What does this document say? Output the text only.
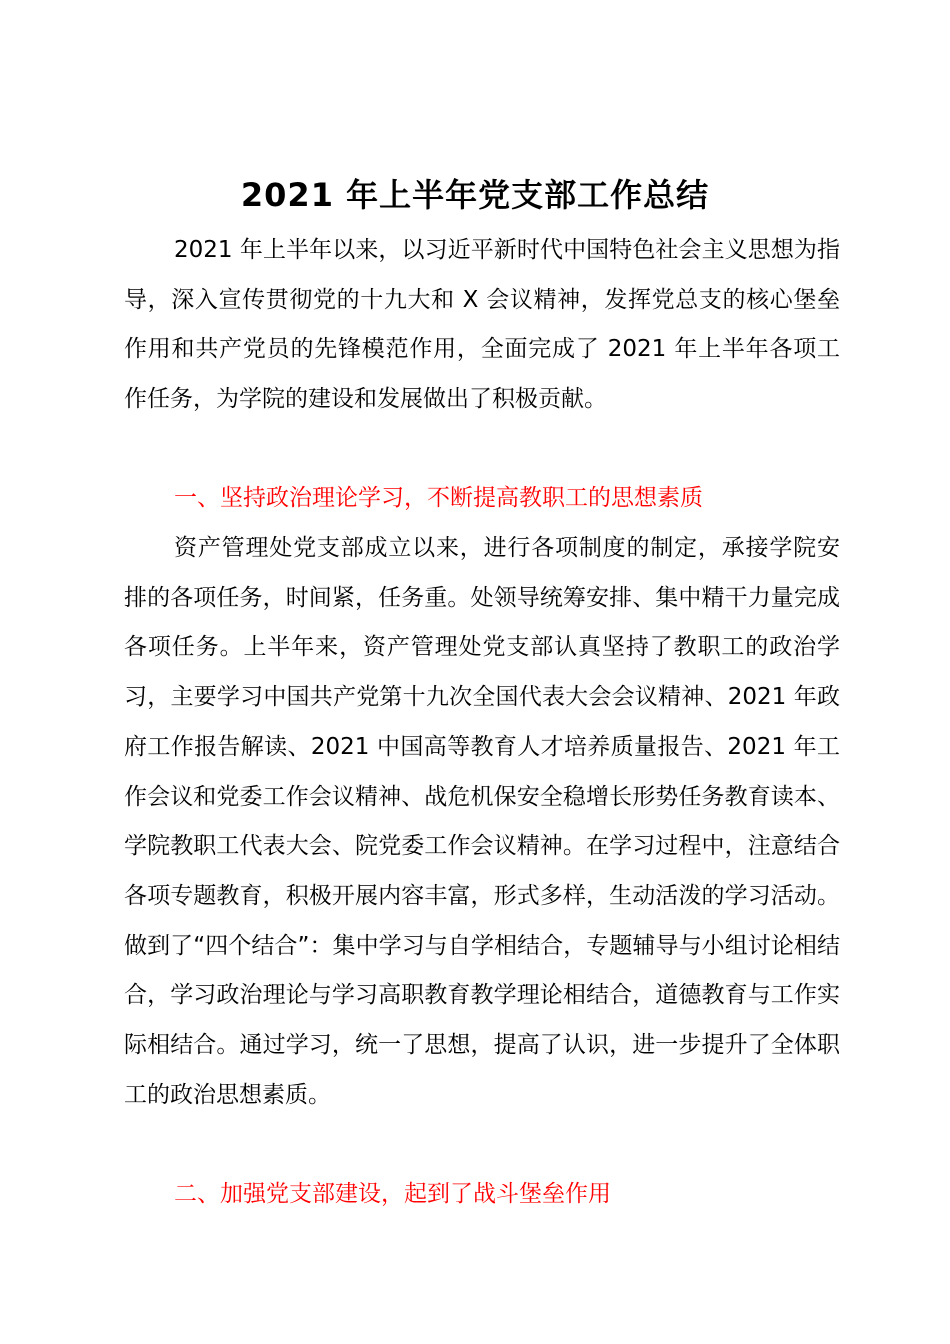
2021 年上半年党支部工作总结

2021 年上半年以来，以习近平新时代中国特色社会主义思想为指导，深入宣传贯彻党的十九大和 X 会议精神，发挥党总支的核心堡垒作用和共产党员的先锋模范作用，全面完成了 2021 年上半年各项工作任务，为学院的建设和发展做出了积极贡献。

一、坚持政治理论学习，不断提高教职工的思想素质

资产管理处党支部成立以来，进行各项制度的制定，承接学院安排的各项任务，时间紧，任务重。处领导统筹安排、集中精干力量完成各项任务。上半年来，资产管理处党支部认真坚持了教职工的政治学习，主要学习中国共产党第十九次全国代表大会会议精神、2021 年政府工作报告解读、2021 中国高等教育人才培养质量报告、2021 年工作会议和党委工作会议精神、战危机保安全稳增长形势任务教育读本、学院教职工代表大会、院党委工作会议精神。在学习过程中，注意结合各项专题教育，积极开展内容丰富，形式多样，生动活泼的学习活动。做到了“四个结合”：集中学习与自学相结合，专题辅导与小组讨论相结合，学习政治理论与学习高职教育教学理论相结合，道德教育与工作实际相结合。通过学习，统一了思想，提高了认识，进一步提升了全体职工的政治思想素质。

二、加强党支部建设，起到了战斗堡垒作用
